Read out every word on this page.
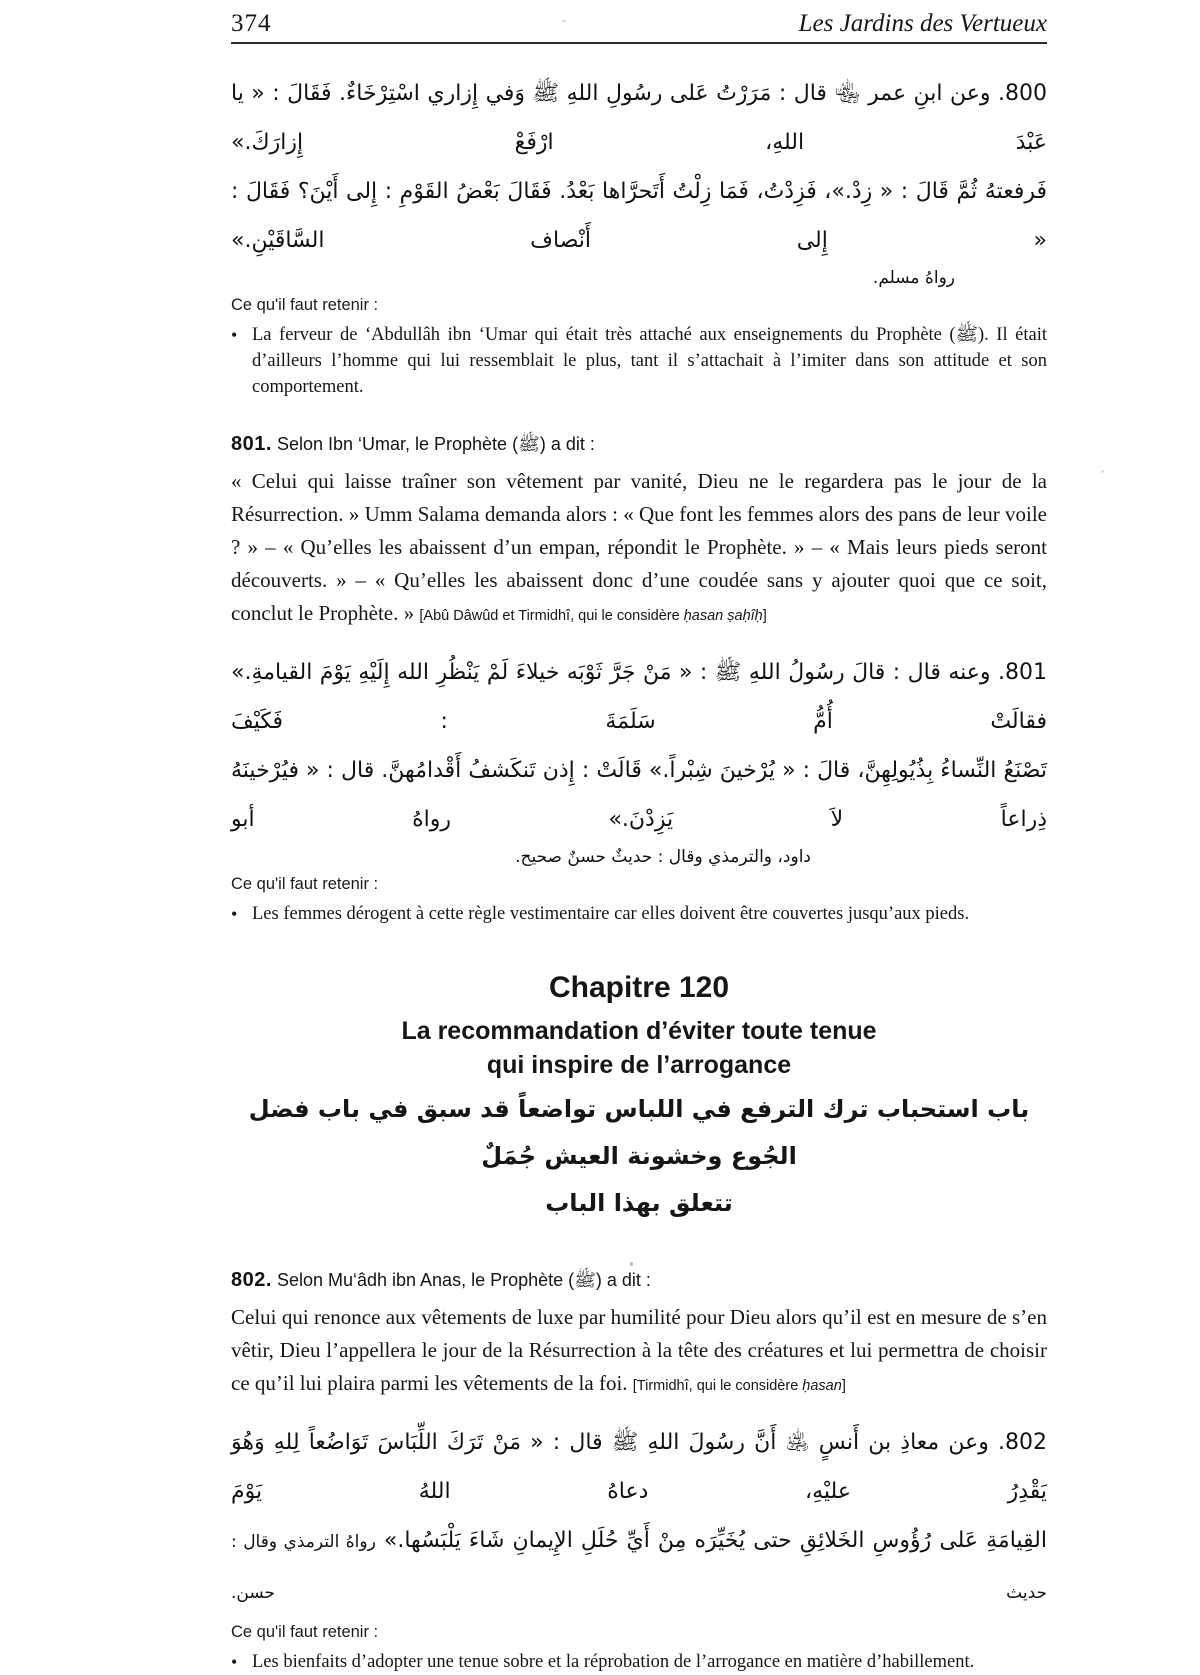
374	Les Jardins des Vertueux
800. وعن ابنِ عمر ﵄ قال : مَرَرْتُ عَلى رسُولِ اللهِ ﷺ وَفي إِزاري اسْتِرْخَاءٌ. فَقَالَ : « يا عَبْدَ اللهِ، ارْفَعْ إِزارَكَ.»
فَرفعتهُ ثُمَّ قَالَ : « زِدْ.»، فَزِدْتُ، فَمَا زِلْتُ أَتَحرَّاها بَعْدُ. فَقَالَ بَعْضُ القَوْمِ : إِلى أَيْنَ؟ فَقَالَ : « إِلى أَنْصاف السَّاقَيْنِ.»
رواهُ مسلم.
Ce qu'il faut retenir :
• La ferveur de ‘Abdullâh ibn ‘Umar qui était très attaché aux enseignements du Prophète (ﷺ). Il était d’ailleurs l’homme qui lui ressemblait le plus, tant il s’attachait à l’imiter dans son attitude et son comportement.

801. Selon Ibn ‘Umar, le Prophète (ﷺ) a dit :

« Celui qui laisse traîner son vêtement par vanité, Dieu ne le regardera pas le jour de la Résurrection. » Umm Salama demanda alors : « Que font les femmes alors des pans de leur voile ? » – « Qu’elles les abaissent d’un empan, répondit le Prophète. » – « Mais leurs pieds seront découverts. » – « Qu’elles les abaissent donc d’une coudée sans y ajouter quoi que ce soit, conclut le Prophète. » [Abû Dâwûd et Tirmidhî, qui le considère ḥasan ṣaḥîḥ]

801. وعنه قال : قالَ رسُولُ اللهِ ﷺ : « مَنْ جَرَّ ثَوْبَه خيلاءَ لَمْ يَنْظُرِ الله إِلَيْهِ يَوْمَ القيامةِ.» فقالَتْ أُمُّ سَلَمَةَ : فَكَيْفَ
تَصْنَعُ النِّساءُ بِذُيُولِهِنَّ، قالَ : « يُرْخينَ شِبْراً.» قَالَتْ : إِذن تَنكَشفُ أَقْدامُهنَّ. قال : « فيُرْخينَهُ ذِراعاً لاَ يَزِدْنَ.» رواهُ أبو
داود، والترمذي وقال : حديثٌ حسنٌ صحيح.
Ce qu'il faut retenir :
• Les femmes dérogent à cette règle vestimentaire car elles doivent être couvertes jusqu’aux pieds.

Chapitre 120

La recommandation d’éviter toute tenue
qui inspire de l’arrogance

باب استحباب ترك الترفع في اللباس تواضعاً قد سبق في باب فضل الجُوع وخشونة العيش جُمَلٌ
تتعلق بهذا الباب

802. Selon Mu‘âdh ibn Anas, le Prophète (ﷺ) a dit :

Celui qui renonce aux vêtements de luxe par humilité pour Dieu alors qu’il est en mesure de s’en vêtir, Dieu l’appellera le jour de la Résurrection à la tête des créatures et lui permettra de choisir ce qu’il lui plaira parmi les vêtements de la foi. [Tirmidhî, qui le considère ḥasan]

802. وعن معاذِ بن أَنسٍ ﵁ أَنَّ رسُولَ اللهِ ﷺ قال : « مَنْ تَرَكَ اللِّبَاسَ تَوَاضُعاً لِلهِ وَهُوَ يَقْدِرُ عليْهِ، دعاهُ اللهُ يَوْمَ
القِيامَةِ عَلى رُؤُوسِ الخَلائِقِ حتى يُخَيِّرَه مِنْ أَيِّ حُلَلِ الإِيمانِ شَاءَ يَلْبَسُها.» رواهُ الترمذي وقال : حديث حسن.
Ce qu'il faut retenir :
• Les bienfaits d’adopter une tenue sobre et la réprobation de l’arrogance en matière d’habillement.
